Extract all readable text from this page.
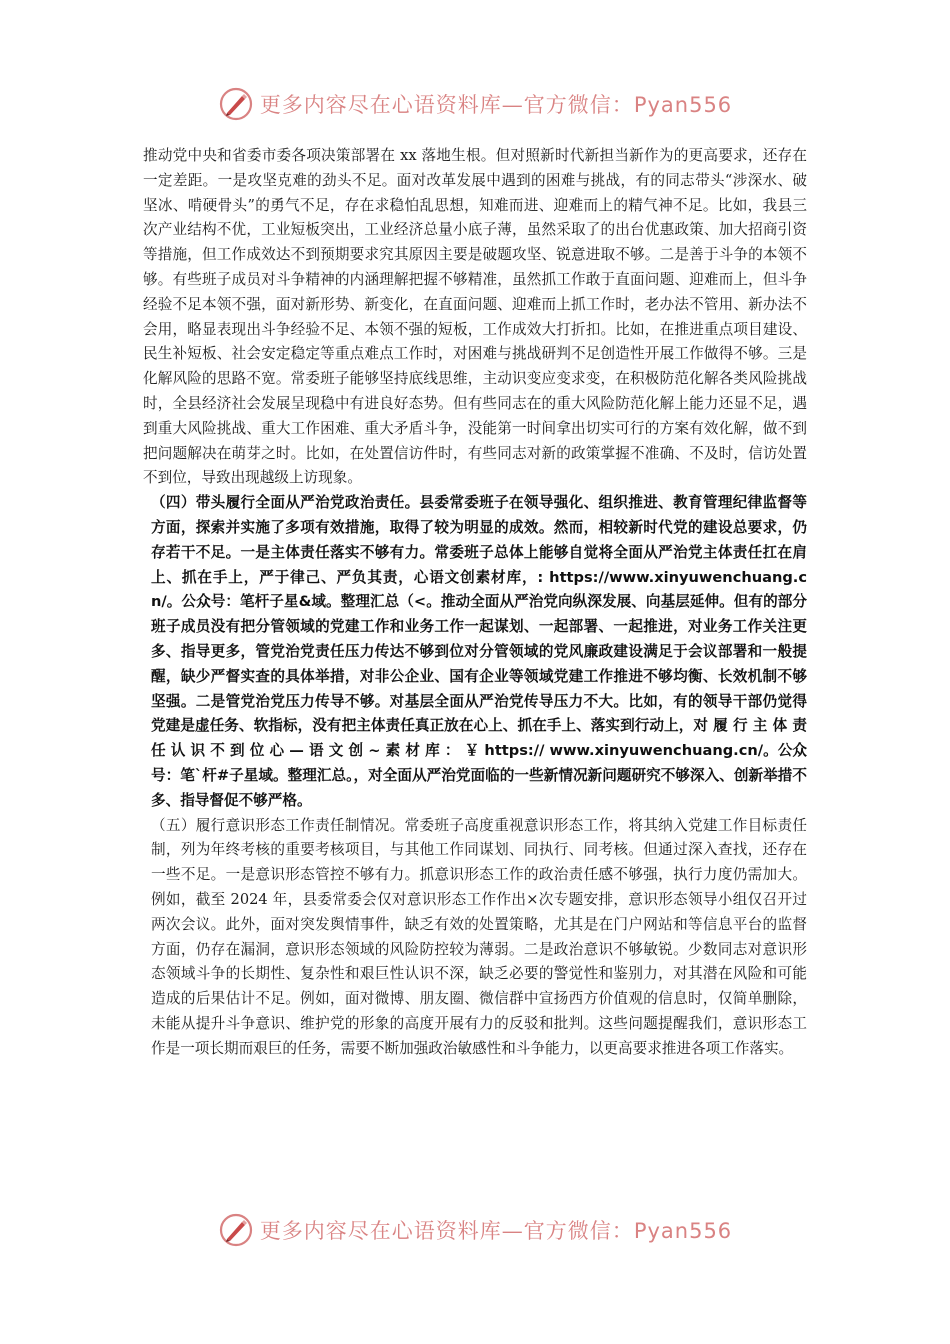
更多内容尽在心语资料库—官方微信：Pyan556

推动党中央和省委市委各项决策部署在 xx 落地生根。但对照新时代新担当新作为的更高要求，还存在一定差距。一是攻坚克难的劲头不足。面对改革发展中遇到的困难与挑战，有的同志带头“涉深水、破坚冰、啃硬骨头”的勇气不足，存在求稳怕乱思想，知难而进、迎难而上的精气神不足。比如，我县三次产业结构不优，工业短板突出，工业经济总量小底子薄，虽然采取了的出台优惠政策、加大招商引资等措施，但工作成效达不到预期要求究其原因主要是破题攻坚、锐意进取不够。二是善于斗争的本领不够。有些班子成员对斗争精神的内涵理解把握不够精准，虽然抓工作敢于直面问题、迎难而上，但斗争经验不足本领不强，面对新形势、新变化，在直面问题、迎难而上抓工作时，老办法不管用、新办法不会用，略显表现出斗争经验不足、本领不强的短板，工作成效大打折扣。比如，在推进重点项目建设、民生补短板、社会安定稳定等重点难点工作时，对困难与挑战研判不足创造性开展工作做得不够。三是化解风险的思路不宽。常委班子能够坚持底线思维，主动识变应变求变，在积极防范化解各类风险挑战时，全县经济社会发展呈现稳中有进良好态势。但有些同志在的重大风险防范化解上能力还显不足，遇到重大风险挑战、重大工作困难、重大矛盾斗争，没能第一时间拿出切实可行的方案有效化解，做不到把问题解决在萌芽之时。比如，在处置信访件时，有些同志对新的政策掌握不准确、不及时，信访处置不到位，导致出现越级上访现象。

（四）带头履行全面从严治党政治责任。县委常委班子在领导强化、组织推进、教育管理纪律监督等方面，探索并实施了多项有效措施，取得了较为明显的成效。然而，相较新时代党的建设总要求，仍存若干不足。一是主体责任落实不够有力。常委班子总体上能够自觉将全面从严治党主体责任扛在肩上、抓在手上，严于律己、严负其责，心语文创素材库，: https://www.xinyuwenchuang.cn/。公众号：笔杆子星&域。整理汇总（<。推动全面从严治党向纵深发展、向基层延伸。但有的部分班子成员没有把分管领域的党建工作和业务工作一起谋划、一起部署、一起推进，对业务工作关注更多、指导更多，管党治党责任压力传达不够到位对分管领域的党风廉政建设满足于会议部署和一般提醒，缺少严督实查的具体举措，对非公企业、国有企业等领域党建工作推进不够均衡、长效机制不够坚强。二是管党治党压力传导不够。对基层全面从严治党传导压力不大。比如，有的领导干部仍觉得党建是虚任务、软指标，没有把主体责任真正放在心上、抓在手上、落实到行动上，对 履 行 主 体 责 任 认 识 不 到 位 心 — 语 文 创 ~ 素 材 库 ： ￥ https:// www.xinyuwenchuang.cn/。公众号：笔`杆#子星域。整理汇总。，对全面从严治党面临的一些新情况新问题研究不够深入、创新举措不多、指导督促不够严格。

（五）履行意识形态工作责任制情况。常委班子高度重视意识形态工作，将其纳入党建工作目标责任制，列为年终考核的重要考核项目，与其他工作同谋划、同执行、同考核。但通过深入查找，还存在一些不足。一是意识形态管控不够有力。抓意识形态工作的政治责任感不够强，执行力度仍需加大。例如，截至 2024 年，县委常委会仅对意识形态工作作出×次专题安排，意识形态领导小组仅召开过两次会议。此外，面对突发舆情事件，缺乏有效的处置策略，尤其是在门户网站和等信息平台的监督方面，仍存在漏洞，意识形态领域的风险防控较为薄弱。二是政治意识不够敏锐。少数同志对意识形态领域斗争的长期性、复杂性和艰巨性认识不深，缺乏必要的警觉性和鉴别力，对其潜在风险和可能造成的后果估计不足。例如，面对微博、朋友圈、微信群中宣扬西方价值观的信息时，仅简单删除，未能从提升斗争意识、维护党的形象的高度开展有力的反驳和批判。这些问题提醒我们，意识形态工作是一项长期而艰巨的任务，需要不断加强政治敏感性和斗争能力，以更高要求推进各项工作落实。

更多内容尽在心语资料库—官方微信：Pyan556
